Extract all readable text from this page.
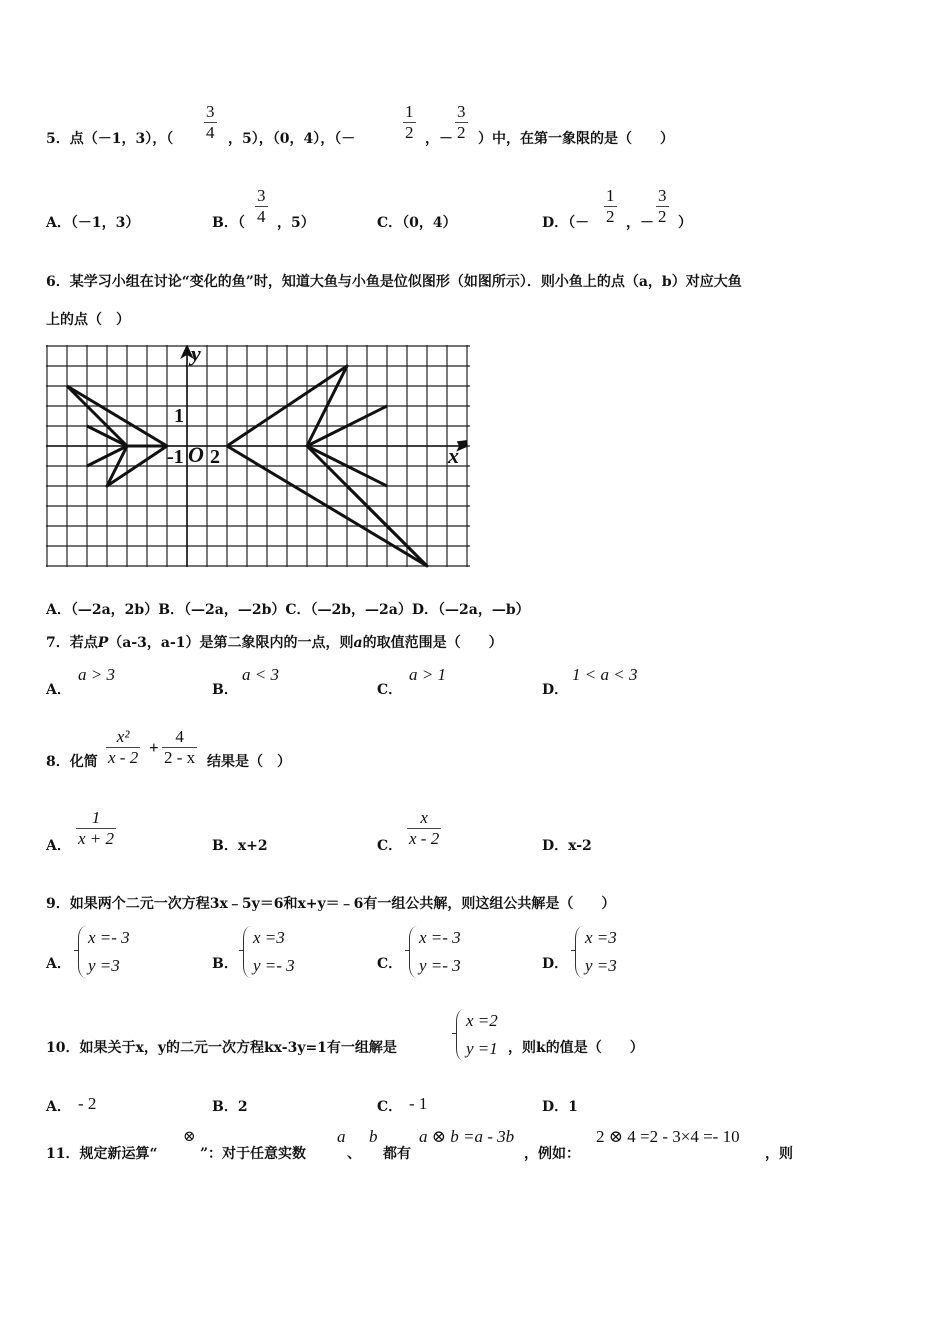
5．点（－1，3），（ $\frac{3}{4}$ ，5），（0，4），（－	$\frac{1}{2}$ ，－ $\frac{3}{2}$ ）中，在第一象限的是（　　）
A．（－1，3）	B．（ $\frac{3}{4}$ ，5）	C．（0，4）	D．（－ $\frac{1}{2}$ ，－ $\frac{3}{2}$ ）
6．某学习小组在讨论“变化的鱼”时，知道大鱼与小鱼是位似图形（如图所示）．则小鱼上的点（a，b）对应大鱼
上的点（　）
y
x
1
-1 O 2
A．（—2a，2b）B．（—2a，—2b）C．（—2b，—2a）D．（—2a，—b）
7．若点P（a-3，a-1）是第二象限内的一点，则a的取值范围是（　　）
A．
a > 3
B．
a < 3
C．
a > 1
D．
1 < a < 3
8．化简 $\frac{\text{x²}}{x - 2} + \frac{4}{2 - x}$ 结果是（　）
A． $\frac{1}{x + 2}$	B．x+2	C． $\frac{x}{x - 2}$	D．x-2
9．如果两个二元一次方程3x﹣5y＝6和x+y＝﹣6有一组公共解，则这组公共解是（　　）
A．
x =- 3
y =3	B．
x =3
y =- 3	C．
x =- 3
y =- 3	D．
x =3
y =3
10．如果关于x，y的二元一次方程kx-3y=1有一组解是
x =2
y =1 ，则k的值是（　　）
A． - 2	B．2	C． - 1	D．1
11．规定新运算“
⊗
”：对于任意实数
a
、
b
都有
a ⊗ b =a - 3b
，例如：
2 ⊗ 4 =2 - 3×4 =- 10
，则
